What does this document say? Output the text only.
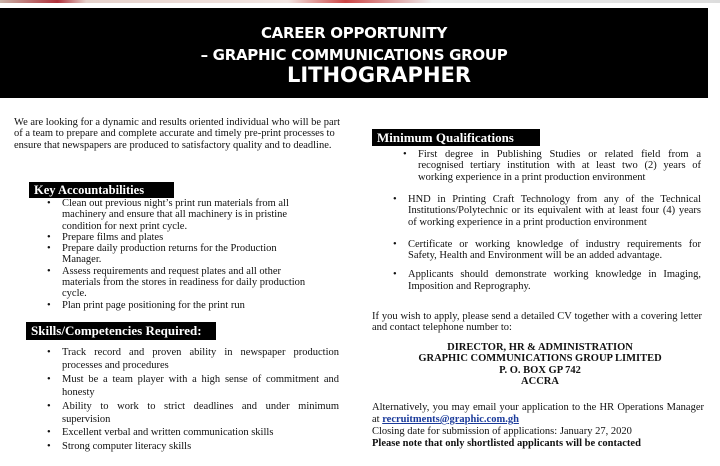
CAREER OPPORTUNITY
– GRAPHIC COMMUNICATIONS GROUP
LITHOGRAPHER
We are looking for a dynamic and results oriented individual who will be part of a team to prepare and complete accurate and timely pre-print processes to ensure that newspapers are produced to satisfactory quality and to deadline.
Key Accountabilities
• Clean out previous night’s print run materials from all machinery and ensure that all machinery is in pristine condition for next print cycle.
• Prepare films and plates
• Prepare daily production returns for the Production Manager.
• Assess requirements and request plates and all other materials from the stores in readiness for daily production cycle.
• Plan print page positioning for the print run
Skills/Competencies Required:
• Track record and proven ability in newspaper production processes and procedures
• Must be a team player with a high sense of commitment and honesty
• Ability to work to strict deadlines and under minimum supervision
• Excellent verbal and written communication skills
• Strong computer literacy skills
Minimum Qualifications
• First degree in Publishing Studies or related field from a recognised tertiary institution with at least two (2) years of working experience in a print production environment
• HND in Printing Craft Technology from any of the Technical Institutions/Polytechnic or its equivalent with at least four (4) years of working experience in a print production environment
• Certificate or working knowledge of industry requirements for Safety, Health and Environment will be an added advantage.
• Applicants should demonstrate working knowledge in Imaging, Imposition and Reprography.
If you wish to apply, please send a detailed CV together with a covering letter and contact telephone number to:
DIRECTOR, HR & ADMINISTRATION
GRAPHIC COMMUNICATIONS GROUP LIMITED
P. O. BOX GP 742
ACCRA
Alternatively, you may email your application to the HR Operations Manager at recruitments@graphic.com.gh
Closing date for submission of applications: January 27, 2020
Please note that only shortlisted applicants will be contacted
